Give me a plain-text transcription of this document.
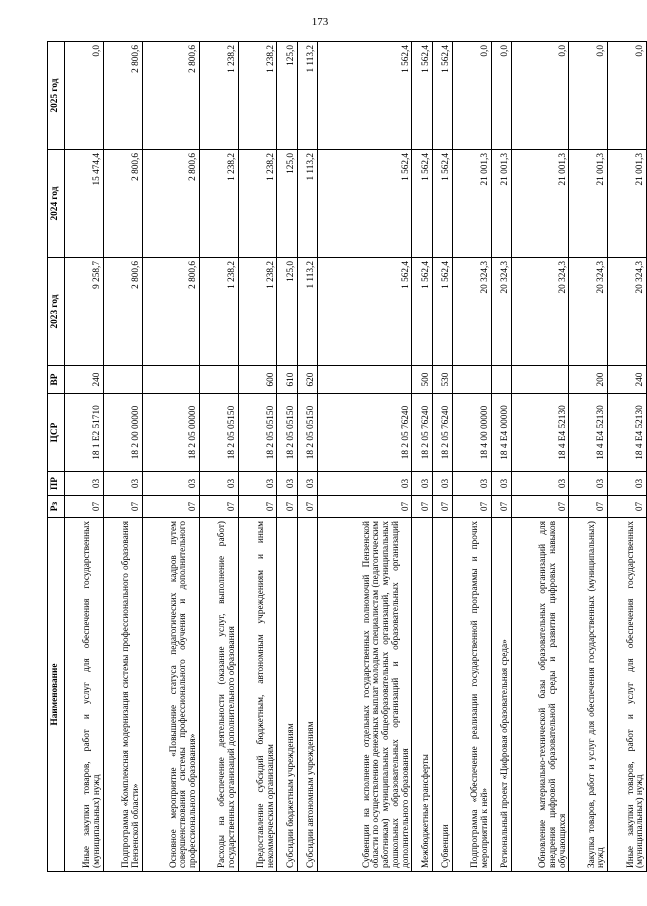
173
Наименование	Рз	ПР	ЦСР	ВР	2023 год	2024 год	2025 год
Иные закупки товаров, работ и услуг для обеспечения государственных (муниципальных) нужд	07	03	18 1 Е2 51710	240	9 258,7	15 474,4	0,0
Подпрограмма «Комплексная модернизация системы профессионального образования Пензенской области»	07	03	18 2 00 00000		2 800,6	2 800,6	2 800,6
Основное мероприятие «Повышение статуса педагогических кадров путем совершенствования системы профессионального обучения и дополнительного профессионального образования»	07	03	18 2 05 00000		2 800,6	2 800,6	2 800,6
Расходы на обеспечение деятельности (оказание услуг, выполнение работ) государственных организаций дополнительного образования	07	03	18 2 05 05150		1 238,2	1 238,2	1 238,2
Предоставление субсидий бюджетным, автономным учреждениям и иным некоммерческим организациям	07	03	18 2 05 05150	600	1 238,2	1 238,2	1 238,2
Субсидии бюджетным учреждениям	07	03	18 2 05 05150	610	125,0	125,0	125,0
Субсидии автономным учреждениям	07	03	18 2 05 05150	620	1 113,2	1 113,2	1 113,2
Субвенции на исполнение отдельных государственных полномочий Пензенской области по осуществлению денежных выплат молодым специалистам (педагогическим работникам) муниципальных общеобразовательных организаций, муниципальных дошкольных образовательных организаций и образовательных организаций дополнительного образования	07	03	18 2 05 76240		1 562,4	1 562,4	1 562,4
Межбюджетные трансферты	07	03	18 2 05 76240	500	1 562,4	1 562,4	1 562,4
Субвенции	07	03	18 2 05 76240	530	1 562,4	1 562,4	1 562,4
Подпрограмма «Обеспечение реализации государственной программы и прочих мероприятий к ней»	07	03	18 4 00 00000		20 324,3	21 001,3	0,0
Региональный проект «Цифровая образовательная среда»	07	03	18 4 Е4 00000		20 324,3	21 001,3	0,0
Обновление материально-технической базы образовательных организаций для внедрения цифровой образовательной среды и развития цифровых навыков обучающихся	07	03	18 4 Е4 52130		20 324,3	21 001,3	0,0
Закупка товаров, работ и услуг для обеспечения государственных (муниципальных) нужд	07	03	18 4 Е4 52130	200	20 324,3	21 001,3	0,0
Иные закупки товаров, работ и услуг для обеспечения государственных (муниципальных) нужд	07	03	18 4 Е4 52130	240	20 324,3	21 001,3	0,0
